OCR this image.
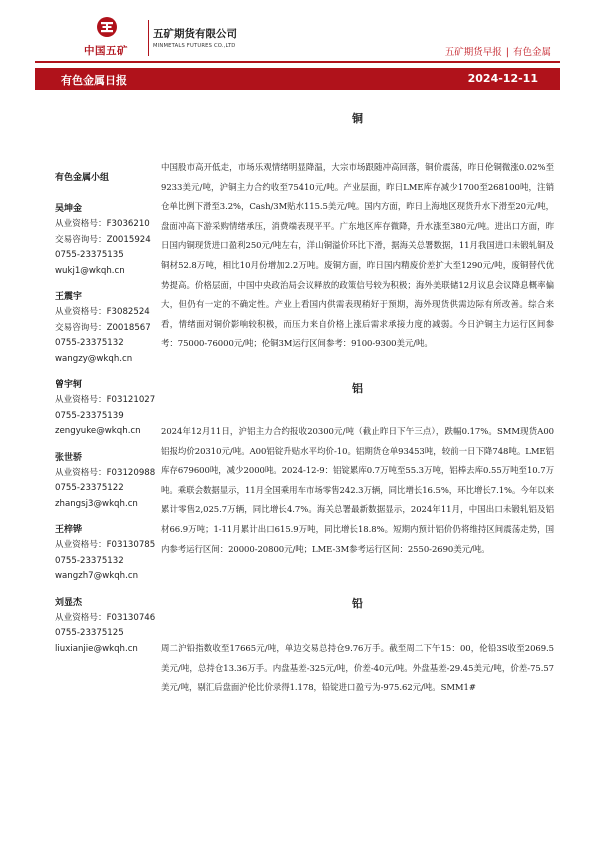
中国五矿
五矿期货有限公司
MINMETALS FUTURES CO.,LTD
五矿期货早报 | 有色金属
有色金属日报	2024-12-11
有色金属小组
吴坤金
从业资格号：F3036210
交易咨询号：Z0015924
0755-23375135
wukj1@wkqh.cn
王震宇
从业资格号：F3082524
交易咨询号：Z0018567
0755-23375132
wangzy@wkqh.cn
曾宇轲
从业资格号：F03121027
0755-23375139
zengyuke@wkqh.cn
张世骄
从业资格号：F03120988
0755-23375122
zhangsj3@wkqh.cn
王梓铧
从业资格号：F03130785
0755-23375132
wangzh7@wkqh.cn
刘显杰
从业资格号：F03130746
0755-23375125
liuxianjie@wkqh.cn
铜

中国股市高开低走，市场乐观情绪明显降温，大宗市场跟随冲高回落，铜价震荡，昨日伦铜微涨0.02%至9233美元/吨，沪铜主力合约收至75410元/吨。产业层面，昨日LME库存减少1700至268100吨，注销仓单比例下滑至3.2%，Cash/3M贴水115.5美元/吨。国内方面，昨日上海地区现货升水下滑至20元/吨，盘面冲高下游采购情绪承压，消费端表现平平。广东地区库存微降，升水涨至380元/吨。进出口方面，昨日国内铜现货进口盈利250元/吨左右，洋山铜溢价环比下滑，据海关总署数据，11月我国进口未锻轧铜及铜材52.8万吨，相比10月份增加2.2万吨。废铜方面，昨日国内精废价差扩大至1290元/吨，废铜替代优势提高。价格层面，中国中央政治局会议释放的政策信号较为积极；海外美联储12月议息会议降息概率偏大，但仍有一定的不确定性。产业上看国内供需表现稍好于预期，海外现货供需边际有所改善。综合来看，情绪面对铜价影响较积极，而压力来自价格上涨后需求承接力度的减弱。今日沪铜主力运行区间参考：75000-76000元/吨；伦铜3M运行区间参考：9100-9300美元/吨。

铝

2024年12月11日，沪铝主力合约报收20300元/吨（截止昨日下午三点），跌幅0.17%。SMM现货A00铝报均价20310元/吨。A00铝锭升贴水平均价-10。铝期货仓单93453吨，较前一日下降748吨。LME铝库存679600吨，减少2000吨。2024-12-9：铝锭累库0.7万吨至55.3万吨，铝棒去库0.55万吨至10.7万吨。乘联会数据显示，11月全国乘用车市场零售242.3万辆，同比增长16.5%，环比增长7.1%。今年以来累计零售2,025.7万辆，同比增长4.7%。海关总署最新数据显示，2024年11月，中国出口未锻轧铝及铝材66.9万吨；1-11月累计出口615.9万吨，同比增长18.8%。短期内预计铝价仍将维持区间震荡走势，国内参考运行区间：20000-20800元/吨；LME-3M参考运行区间：2550-2690美元/吨。

铅

周二沪铅指数收至17665元/吨，单边交易总持仓9.76万手。截至周二下午15：00，伦铅3S收至2069.5美元/吨，总持仓13.36万手。内盘基差-325元/吨，价差-40元/吨。外盘基差-29.45美元/吨，价差-75.57美元/吨，剔汇后盘面沪伦比价录得1.178，铅锭进口盈亏为-975.62元/吨。SMM1#
